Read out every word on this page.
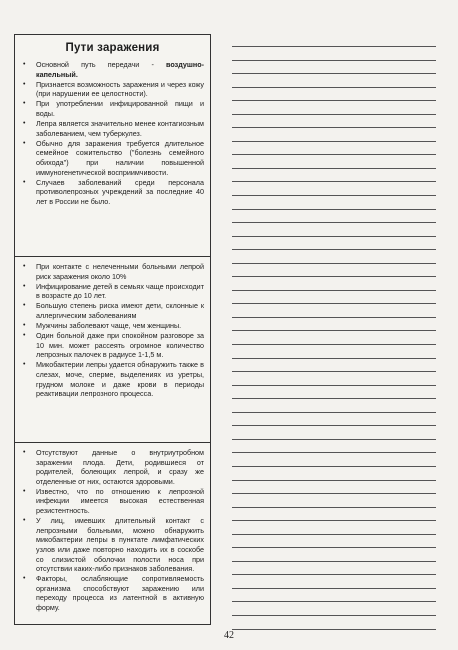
Пути заражения
• Основной путь передачи - воздушно-капельный.
• Признается возможность заражения и через кожу (при нарушении ее целостности).
• При употреблении инфицированной пищи и воды.
• Лепра является значительно менее контагиозным заболеванием, чем туберкулез.
• Обычно для заражения требуется длительное семейное сожительство ("болезнь семейного обихода") при наличии повышенной иммуногенетической восприимчивости.
• Случаев заболеваний среди персонала противолепрозных учреждений за последние 40 лет в России не было.
• При контакте с нелеченными больными лепрой риск заражения около 10%
• Инфицирование детей в семьях чаще происходит в возрасте до 10 лет.
• Большую степень риска имеют дети, склонные к аллергическим заболеваниям
• Мужчины заболевают чаще, чем женщины.
• Один больной даже при спокойном разговоре за 10 мин. может рассеять огромное количество лепрозных палочек в радиусе 1-1,5 м.
• Микобактерии лепры удается обнаружить также в слезах, моче, сперме, выделениях из уретры, грудном молоке и даже крови в периоды реактивации лепрозного процесса.
• Отсутствуют данные о внутриутробном заражении плода. Дети, родившиеся от родителей, болеющих лепрой, и сразу же отделенные от них, остаются здоровыми.
• Известно, что по отношению к лепрозной инфекции имеется высокая естественная резистентность.
• У лиц, имевших длительный контакт с лепрозными больными, можно обнаружить микобактерии лепры в пунктате лимфатических узлов или даже повторно находить их в соскобе со слизистой оболочки полости носа при отсутствии каких-либо признаков заболевания.
• Факторы, ослабляющие сопротивляемость организма способствуют заражению или переходу процесса из латентной в активную форму.
42
